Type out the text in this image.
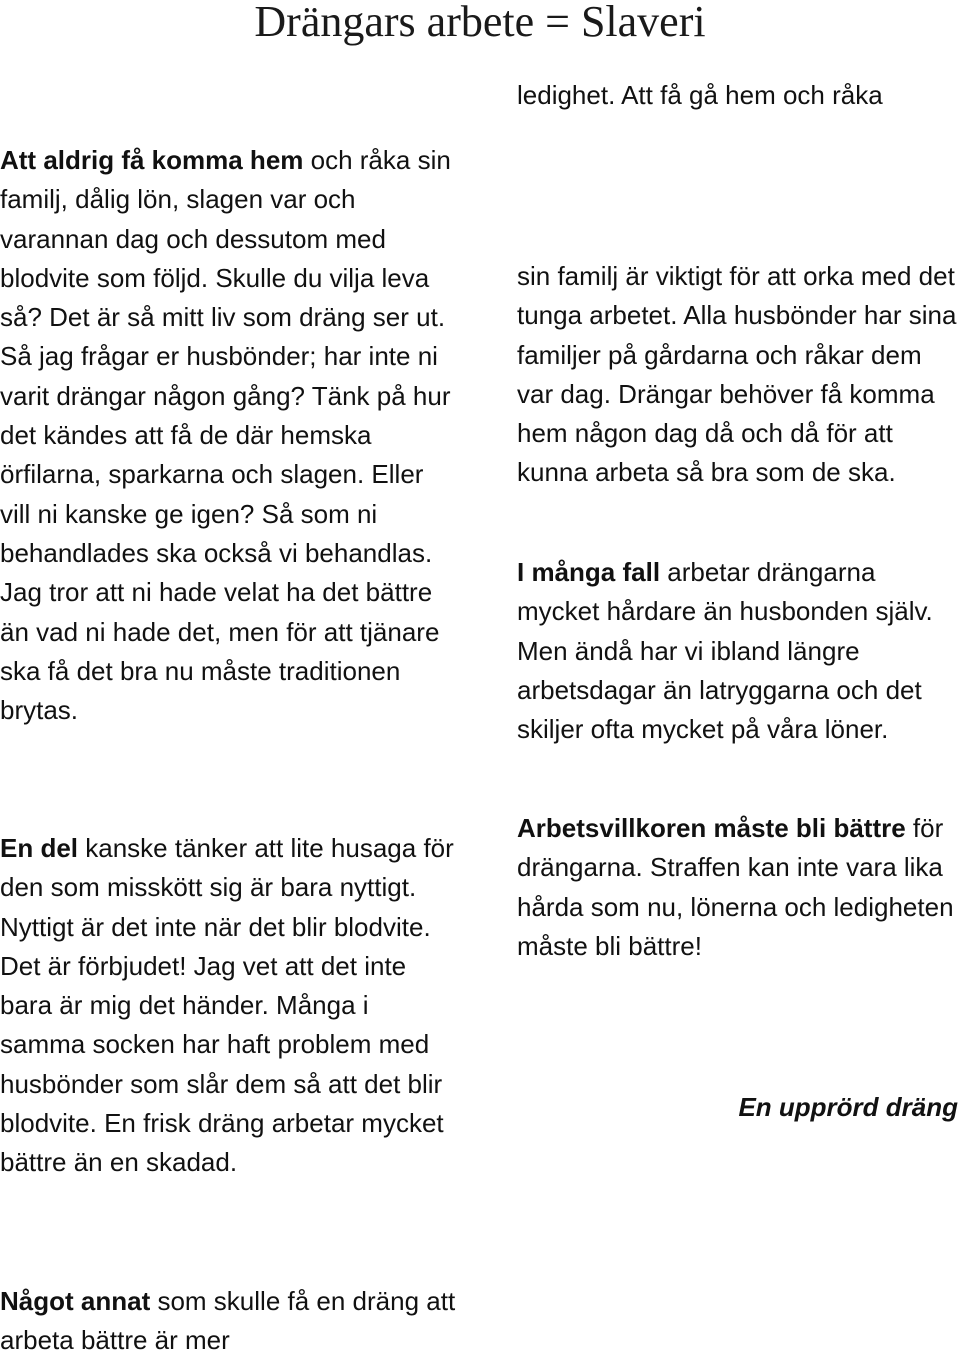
Drängars arbete = Slaveri

Att aldrig få komma hem och råka sin familj, dålig lön, slagen var och varannan dag och dessutom med blodvite som följd. Skulle du vilja leva så? Det är så mitt liv som dräng ser ut. Så jag frågar er husbönder; har inte ni varit drängar någon gång? Tänk på hur det kändes att få de där hemska örfilarna, sparkarna och slagen. Eller vill ni kanske ge igen? Så som ni behandlades ska också vi behandlas. Jag tror att ni hade velat ha det bättre än vad ni hade det, men för att tjänare ska få det bra nu måste traditionen brytas.

En del kanske tänker att lite husaga för den som misskött sig är bara nyttigt. Nyttigt är det inte när det blir blodvite. Det är förbjudet! Jag vet att det inte bara är mig det händer. Många i samma socken har haft problem med husbönder som slår dem så att det blir blodvite. En frisk dräng arbetar mycket bättre än en skadad.

Något annat som skulle få en dräng att arbeta bättre är mer

ledighet. Att få gå hem och råka

sin familj är viktigt för att orka med det tunga arbetet. Alla husbönder har sina familjer på gårdarna och råkar dem var dag. Drängar behöver få komma hem någon dag då och då för att kunna arbeta så bra som de ska.

I många fall arbetar drängarna mycket hårdare än husbonden själv. Men ändå har vi ibland längre arbetsdagar än latryggarna och det skiljer ofta mycket på våra löner.

Arbetsvillkoren måste bli bättre för drängarna. Straffen kan inte vara lika hårda som nu, lönerna och ledigheten måste bli bättre!

En upprörd dräng
